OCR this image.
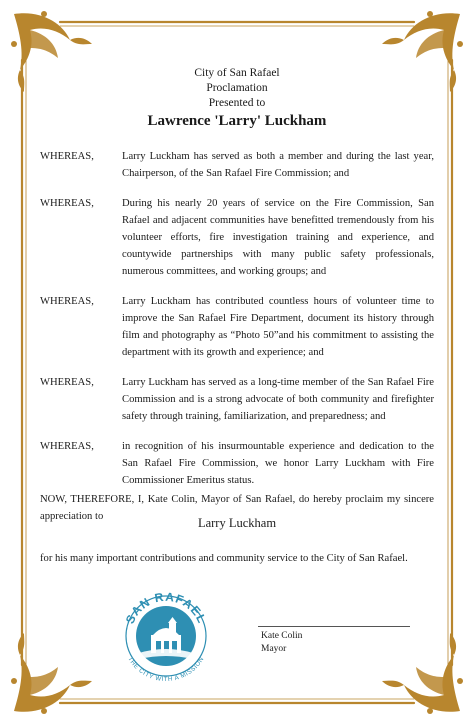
City of San Rafael
Proclamation
Presented to
Lawrence 'Larry' Luckham
WHEREAS,	Larry Luckham has served as both a member and during the last year, Chairperson, of the San Rafael Fire Commission; and
WHEREAS,	During his nearly 20 years of service on the Fire Commission, San Rafael and adjacent communities have benefitted tremendously from his volunteer efforts, fire investigation training and experience, and countywide partnerships with many public safety professionals, numerous committees, and working groups; and
WHEREAS,	Larry Luckham has contributed countless hours of volunteer time to improve the San Rafael Fire Department, document its history through film and photography as “Photo 50”and his commitment to assisting the department with its growth and experience; and
WHEREAS,	Larry Luckham has served as a long-time member of the San Rafael Fire Commission and is a strong advocate of both community and firefighter safety through training, familiarization, and preparedness; and
WHEREAS,	in recognition of his insurmountable experience and dedication to the San Rafael Fire Commission, we honor Larry Luckham with Fire Commissioner Emeritus status.
NOW, THEREFORE, I, Kate Colin, Mayor of San Rafael, do hereby proclaim my sincere appreciation to	Larry Luckham
for his many important contributions and community service to the City of San Rafael.
SAN RAFAEL
THE CITY WITH A MISSION
Kate Colin
Mayor
